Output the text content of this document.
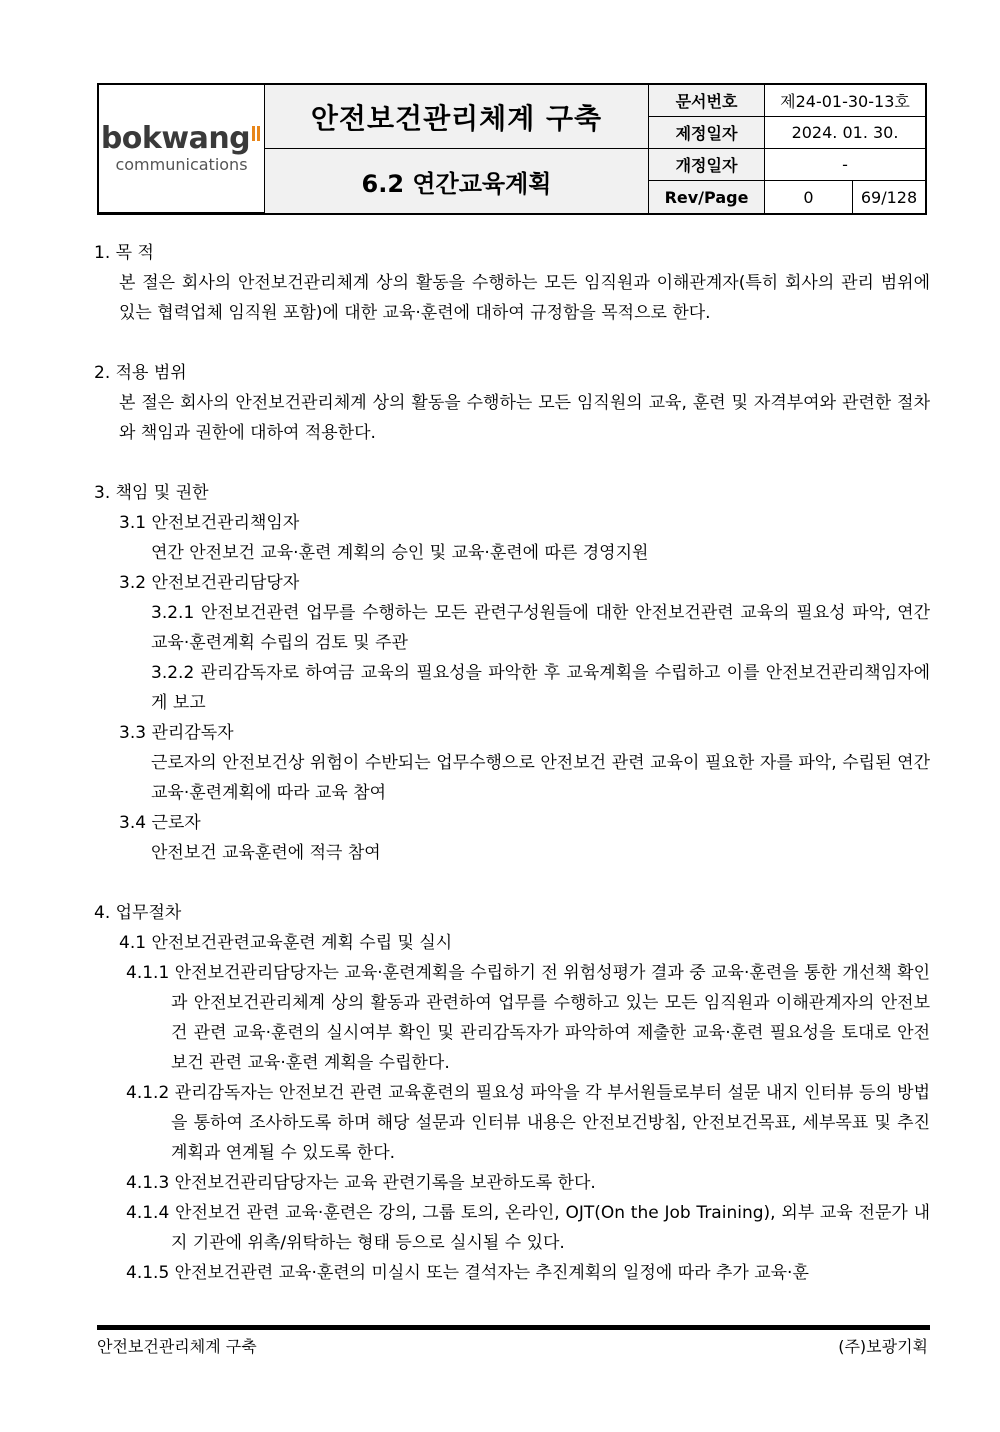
bokwang
communications
안전보건관리체계 구축	문서번호	제24-01-30-13호
제정일자	2024. 01. 30.
6.2 연간교육계획
개정일자	-
Rev/Page	0	69/128

1. 목 적

본 절은 회사의 안전보건관리체계 상의 활동을 수행하는 모든 임직원과 이해관계자(특히 회사의 관리 범위에 있는 협력업체 임직원 포함)에 대한 교육·훈련에 대하여 규정함을 목적으로 한다.

2. 적용 범위

본 절은 회사의 안전보건관리체계 상의 활동을 수행하는 모든 임직원의 교육, 훈련 및 자격부여와 관련한 절차와 책임과 권한에 대하여 적용한다.

3. 책임 및 권한

3.1 안전보건관리책임자

연간 안전보건 교육·훈련 계획의 승인 및 교육·훈련에 따른 경영지원

3.2 안전보건관리담당자

3.2.1 안전보건관련 업무를 수행하는 모든 관련구성원들에 대한 안전보건관련 교육의 필요성 파악, 연간 교육·훈련계획 수립의 검토 및 주관

3.2.2 관리감독자로 하여금 교육의 필요성을 파악한 후 교육계획을 수립하고 이를 안전보건관리책임자에게 보고

3.3 관리감독자

근로자의 안전보건상 위험이 수반되는 업무수행으로 안전보건 관련 교육이 필요한 자를 파악, 수립된 연간 교육·훈련계획에 따라 교육 참여

3.4 근로자

안전보건 교육훈련에 적극 참여

4. 업무절차

4.1 안전보건관련교육훈련 계획 수립 및 실시

4.1.1 안전보건관리담당자는 교육·훈련계획을 수립하기 전 위험성평가 결과 중 교육·훈련을 통한 개선책 확인과 안전보건관리체계 상의 활동과 관련하여 업무를 수행하고 있는 모든 임직원과 이해관계자의 안전보건 관련 교육·훈련의 실시여부 확인 및 관리감독자가 파악하여 제출한 교육·훈련 필요성을 토대로 안전보건 관련 교육·훈련 계획을 수립한다.

4.1.2 관리감독자는 안전보건 관련 교육훈련의 필요성 파악을 각 부서원들로부터 설문 내지 인터뷰 등의 방법을 통하여 조사하도록 하며 해당 설문과 인터뷰 내용은 안전보건방침, 안전보건목표, 세부목표 및 추진계획과 연계될 수 있도록 한다.

4.1.3 안전보건관리담당자는 교육 관련기록을 보관하도록 한다.

4.1.4 안전보건 관련 교육·훈련은 강의, 그룹 토의, 온라인, OJT(On the Job Training), 외부 교육 전문가 내지 기관에 위촉/위탁하는 형태 등으로 실시될 수 있다.

4.1.5 안전보건관련 교육·훈련의 미실시 또는 결석자는 추진계획의 일정에 따라 추가 교육·훈

안전보건관리체계 구축	(주)보광기획
